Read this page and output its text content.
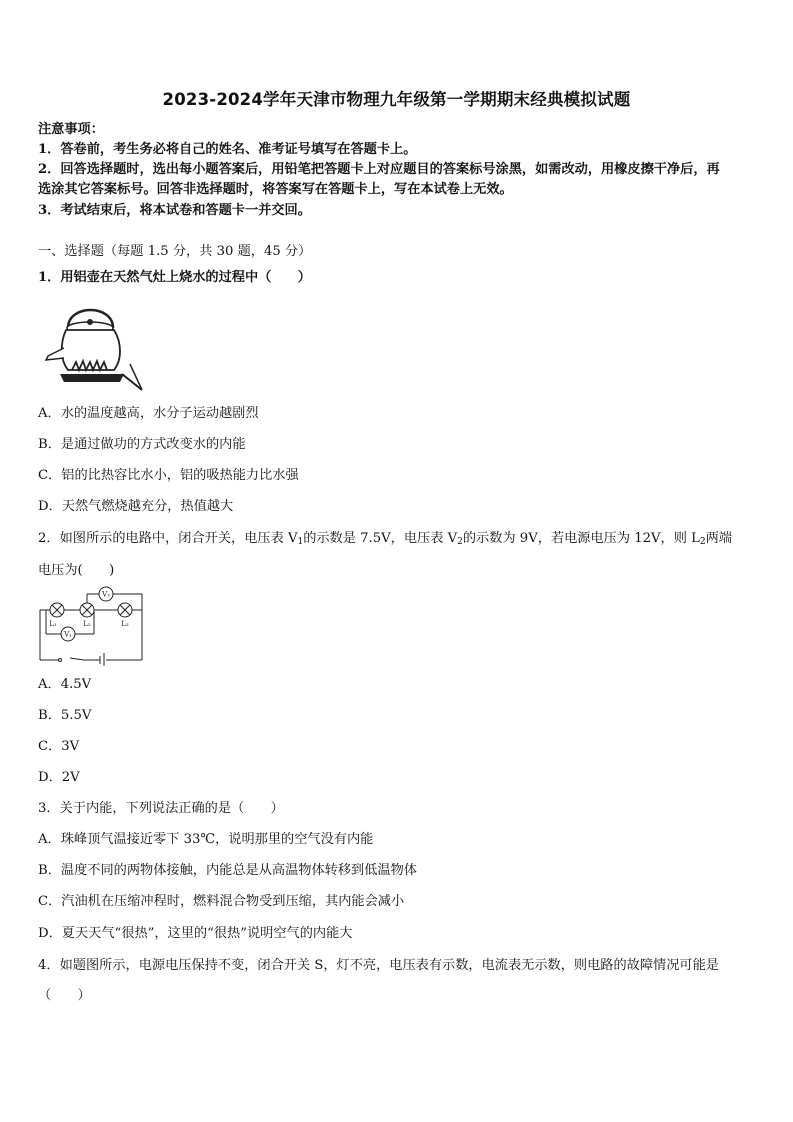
2023-2024学年天津市物理九年级第一学期期末经典模拟试题
注意事项：
1．答卷前，考生务必将自己的姓名、准考证号填写在答题卡上。
2．回答选择题时，选出每小题答案后，用铅笔把答题卡上对应题目的答案标号涂黑，如需改动，用橡皮擦干净后，再
选涂其它答案标号。回答非选择题时，将答案写在答题卡上，写在本试卷上无效。
3．考试结束后，将本试卷和答题卡一并交回。
一、选择题（每题 1.5 分，共 30 题，45 分）
1．用铝壶在天然气灶上烧水的过程中（　　）
A．水的温度越高，水分子运动越剧烈
B．是通过做功的方式改变水的内能
C．铝的比热容比水小，铝的吸热能力比水强
D．天然气燃烧越充分，热值越大
2．如图所示的电路中，闭合开关，电压表 $V_1$的示数是 7.5V，电压表 $V_2$的示数为 9V，若电源电压为 12V，则 $L_2$两端
电压为(　　)
V₂
V₁
L₁	L₂	L₃
A．4.5V
B．5.5V
C．3V
D．2V
3．关于内能，下列说法正确的是（　　）
A．珠峰顶气温接近零下 33℃，说明那里的空气没有内能
B．温度不同的两物体接触，内能总是从高温物体转移到低温物体
C．汽油机在压缩冲程时，燃料混合物受到压缩，其内能会减小
D．夏天天气“很热”，这里的“很热”说明空气的内能大
4．如题图所示，电源电压保持不变，闭合开关 S，灯不亮，电压表有示数，电流表无示数，则电路的故障情况可能是
（　　）
